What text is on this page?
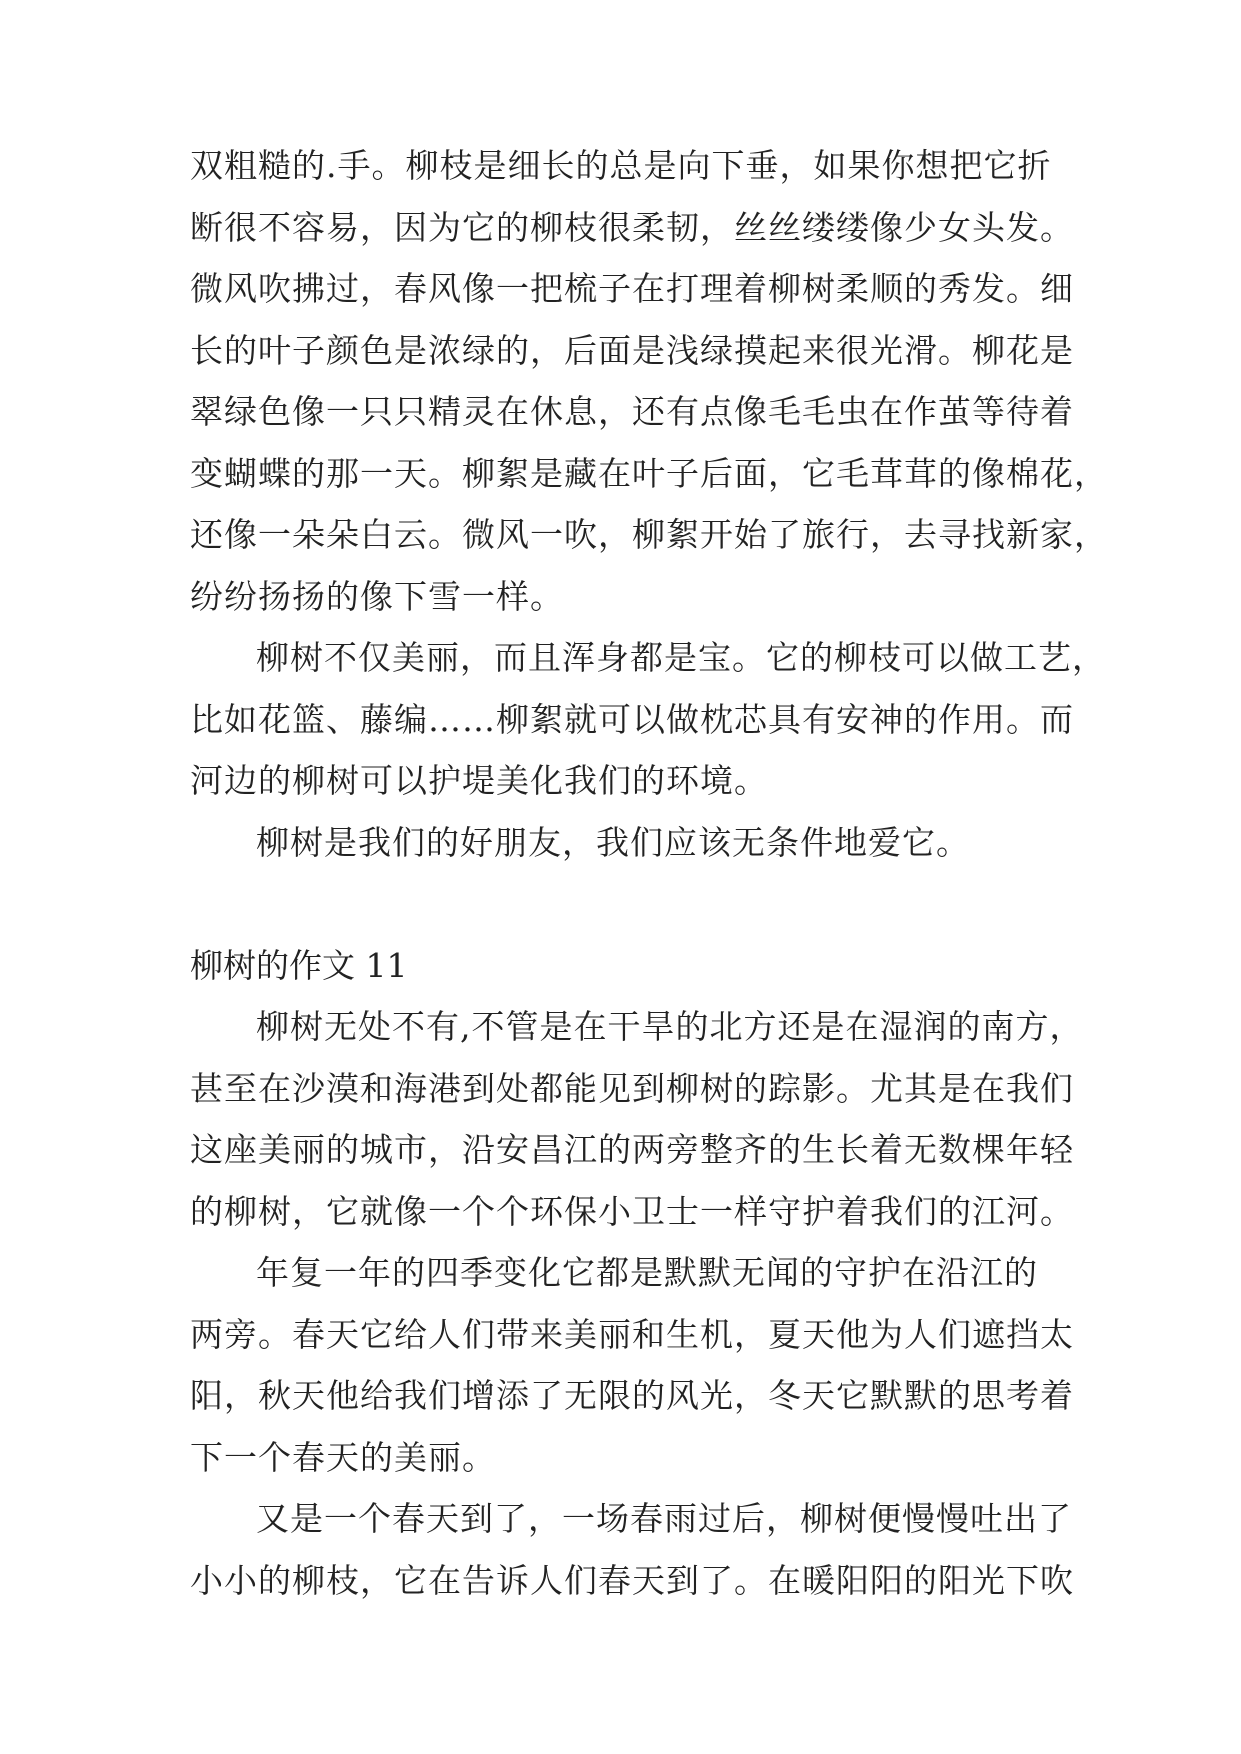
双粗糙的.手。柳枝是细长的总是向下垂，如果你想把它折
断很不容易，因为它的柳枝很柔韧，丝丝缕缕像少女头发。
微风吹拂过，春风像一把梳子在打理着柳树柔顺的秀发。细
长的叶子颜色是浓绿的，后面是浅绿摸起来很光滑。柳花是
翠绿色像一只只精灵在休息，还有点像毛毛虫在作茧等待着
变蝴蝶的那一天。柳絮是藏在叶子后面，它毛茸茸的像棉花，
还像一朵朵白云。微风一吹，柳絮开始了旅行，去寻找新家，
纷纷扬扬的像下雪一样。
柳树不仅美丽，而且浑身都是宝。它的柳枝可以做工艺，
比如花篮、藤编……柳絮就可以做枕芯具有安神的作用。而
河边的柳树可以护堤美化我们的环境。
柳树是我们的好朋友，我们应该无条件地爱它。
柳树的作文 11
柳树无处不有,不管是在干旱的北方还是在湿润的南方，
甚至在沙漠和海港到处都能见到柳树的踪影。尤其是在我们
这座美丽的城市，沿安昌江的两旁整齐的生长着无数棵年轻
的柳树，它就像一个个环保小卫士一样守护着我们的江河。
年复一年的四季变化它都是默默无闻的守护在沿江的
两旁。春天它给人们带来美丽和生机，夏天他为人们遮挡太
阳，秋天他给我们增添了无限的风光，冬天它默默的思考着
下一个春天的美丽。
又是一个春天到了，一场春雨过后，柳树便慢慢吐出了
小小的柳枝，它在告诉人们春天到了。在暖阳阳的阳光下吹
